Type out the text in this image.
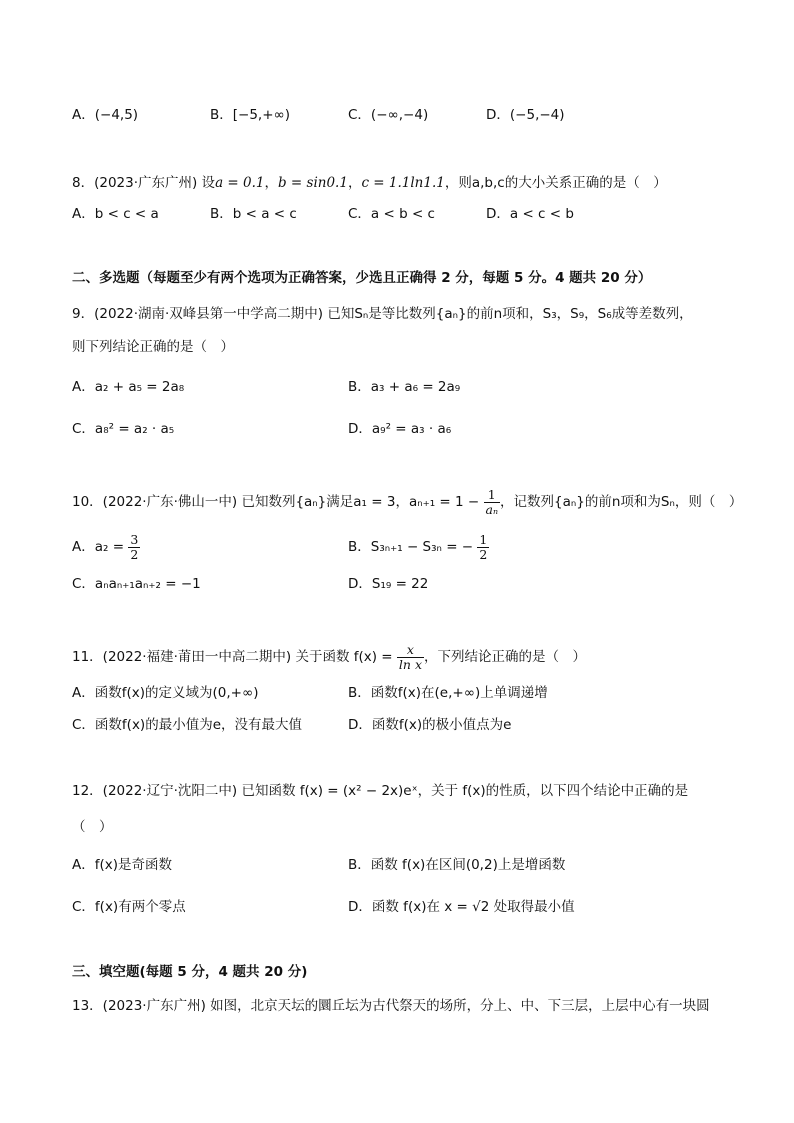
A．(−4,5)	B．[−5,+∞)	C．(−∞,−4)	D．(−5,−4)
8．(2023·广东广州) 设a = 0.1，b = sin0.1，c = 1.1ln1.1，则a,b,c的大小关系正确的是（　）
A．b < c < a	B．b < a < c	C．a < b < c	D．a < c < b
二、多选题（每题至少有两个选项为正确答案，少选且正确得 2 分，每题 5 分。4 题共 20 分）
9．(2022·湖南·双峰县第一中学高二期中) 已知Sₙ是等比数列{aₙ}的前n项和，S₃，S₉，S₆成等差数列，
则下列结论正确的是（　）
A．a₂ + a₅ = 2a₈	B．a₃ + a₆ = 2a₉
C．a₈² = a₂ · a₅	D．a₉² = a₃ · a₆
10．(2022·广东·佛山一中) 已知数列{aₙ}满足a₁ = 3，$a_{n+1} = 1 - \frac{1}{\text{aₙ}}$ ，记数列{aₙ}的前n项和为Sₙ，则（　）
A．$a_2 = \frac{3}{2}$	B．S₃ₙ₊₁ − S₃ₙ = − $\frac{1}{2}$
C．aₙaₙ₊₁aₙ₊₂ = −1	D．S₁₉ = 22
11．(2022·福建·莆田一中高二期中) 关于函数 $f(x) = \frac{x}{\text{ln x}}$ ，下列结论正确的是（　）
A．函数f(x)的定义域为(0,+∞)	B．函数f(x)在(e,+∞)上单调递增
C．函数f(x)的最小值为e，没有最大值	D．函数f(x)的极小值点为e
12．(2022·辽宁·沈阳二中) 已知函数 f(x) = (x² − 2x)eˣ，关于 f(x)的性质，以下四个结论中正确的是
（　）
A．f(x)是奇函数	B．函数 f(x)在区间(0,2)上是增函数
C．f(x)有两个零点	D．函数 f(x)在 x = √2 处取得最小值
三、填空题(每题 5 分，4 题共 20 分)
13．(2023·广东广州) 如图，北京天坛的圜丘坛为古代祭天的场所，分上、中、下三层，上层中心有一块圆
